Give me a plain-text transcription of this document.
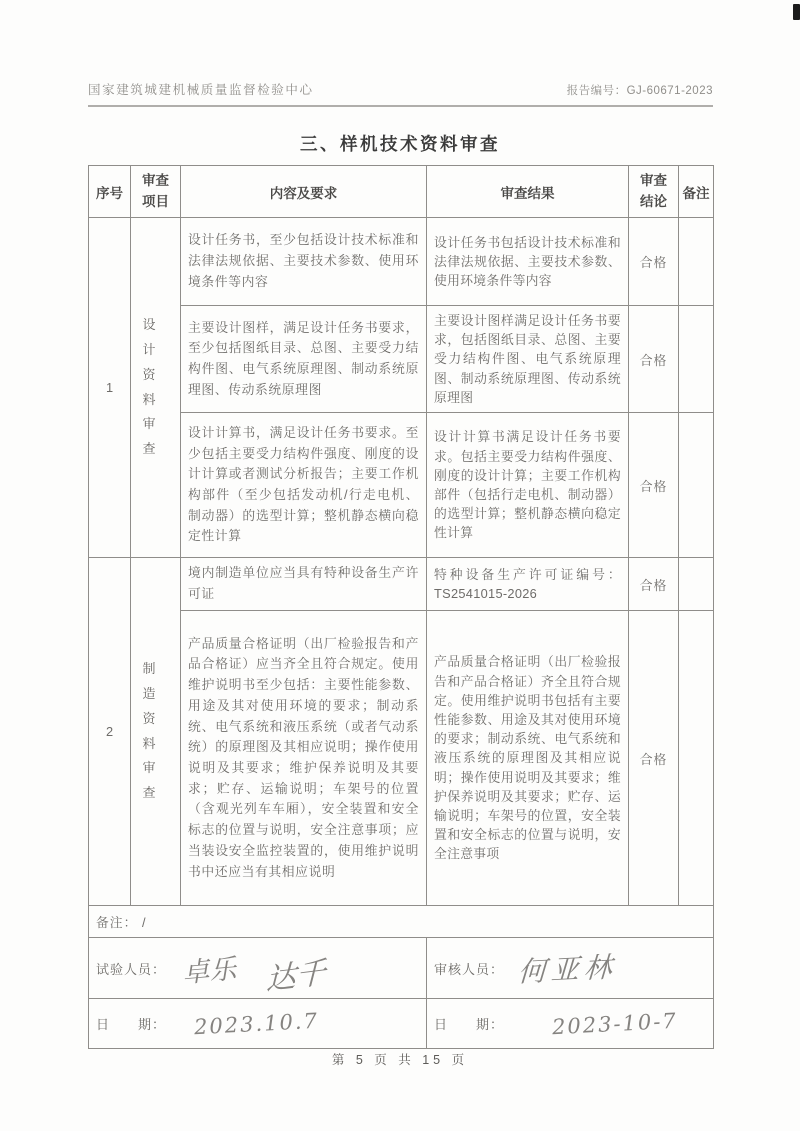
国家建筑城建机械质量监督检验中心	报告编号：GJ-60671-2023
三、样机技术资料审查
序号	审查项目	内容及要求	审查结果	审查结论	备注
1	设计资料审查	设计任务书，至少包括设计技术标准和法律法规依据、主要技术参数、使用环境条件等内容	设计任务书包括设计技术标准和法律法规依据、主要技术参数、使用环境条件等内容	合格	
		主要设计图样，满足设计任务书要求，至少包括图纸目录、总图、主要受力结构件图、电气系统原理图、制动系统原理图、传动系统原理图	主要设计图样满足设计任务书要求，包括图纸目录、总图、主要受力结构件图、电气系统原理图、制动系统原理图、传动系统原理图	合格	
		设计计算书，满足设计任务书要求。至少包括主要受力结构件强度、刚度的设计计算或者测试分析报告；主要工作机构部件（至少包括发动机/行走电机、制动器）的选型计算；整机静态横向稳定性计算	设计计算书满足设计任务书要求。包括主要受力结构件强度、刚度的设计计算；主要工作机构部件（包括行走电机、制动器）的选型计算；整机静态横向稳定性计算	合格	
2	制造资料审查	境内制造单位应当具有特种设备生产许可证	特种设备生产许可证编号：TS2541015-2026	合格	
		产品质量合格证明（出厂检验报告和产品合格证）应当齐全且符合规定。使用维护说明书至少包括：主要性能参数、用途及其对使用环境的要求；制动系统、电气系统和液压系统（或者气动系统）的原理图及其相应说明；操作使用说明及其要求；维护保养说明及其要求；贮存、运输说明；车架号的位置（含观光列车车厢），安全装置和安全标志的位置与说明，安全注意事项；应当装设安全监控装置的，使用维护说明书中还应当有其相应说明	产品质量合格证明（出厂检验报告和产品合格证）齐全且符合规定。使用维护说明书包括有主要性能参数、用途及其对使用环境的要求；制动系统、电气系统和液压系统的原理图及其相应说明；操作使用说明及其要求；维护保养说明及其要求；贮存、运输说明；车架号的位置，安全装置和安全标志的位置与说明，安全注意事项	合格	
备注： /					

试验人员： 卓乐 达千			审核人员： 何亚林		

日　　期： 2023.10.7			日　　期： 2023-10-7		
第 5 页 共 15 页
